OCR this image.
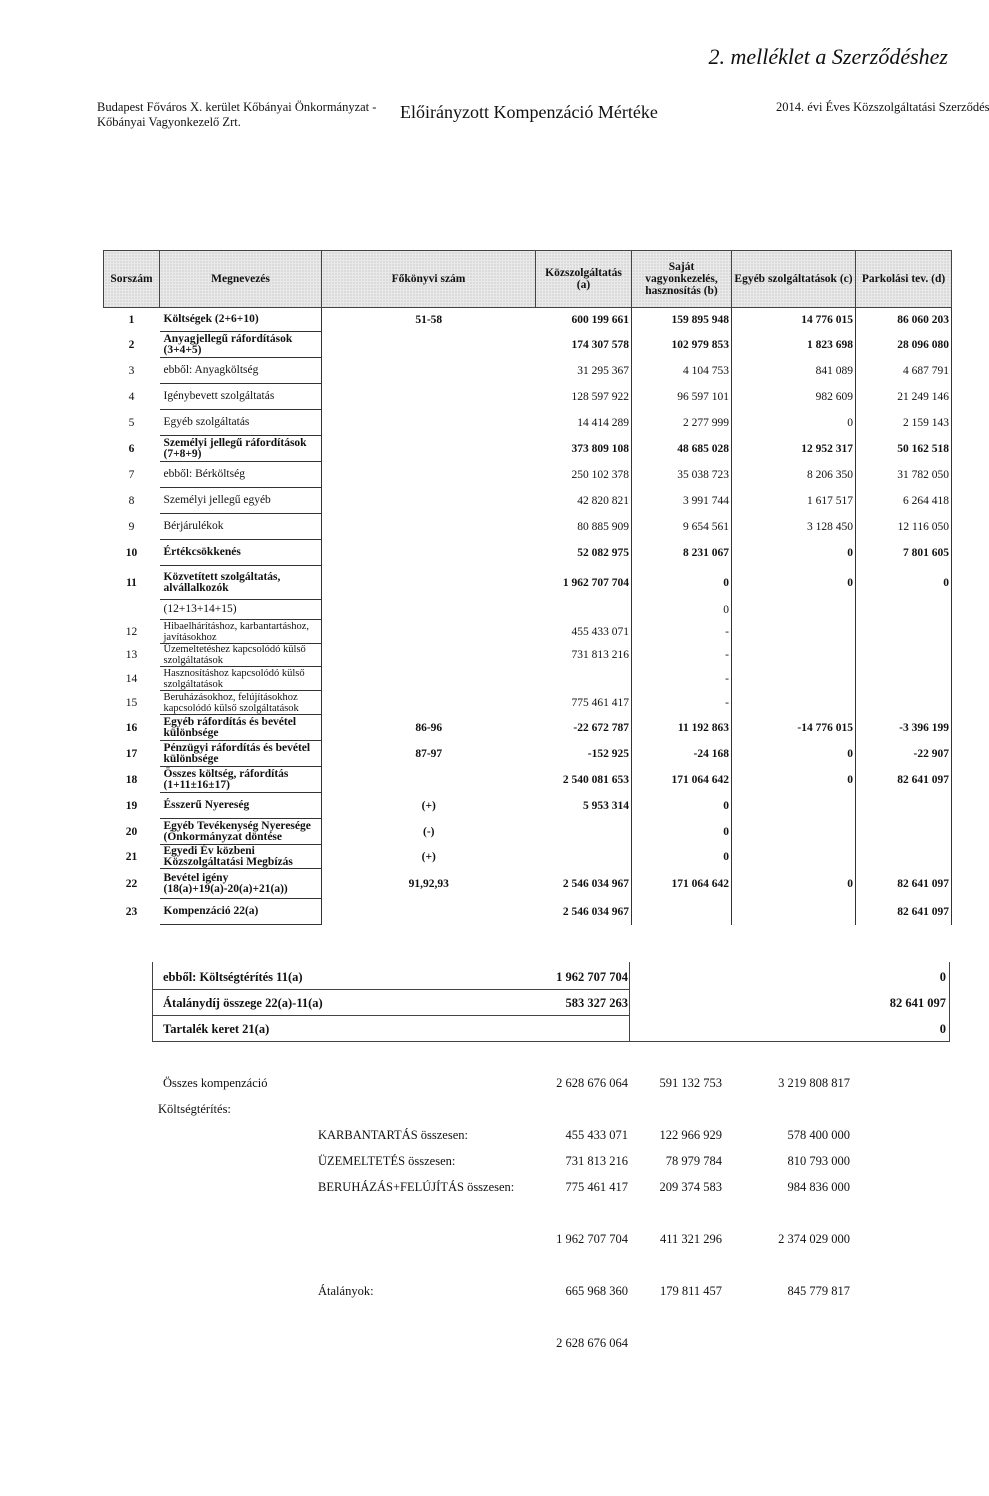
2. melléklet a Szerződéshez
Budapest Főváros X. kerület Kőbányai Önkormányzat -
Kőbányai Vagyonkezelő Zrt.	Előirányzott Kompenzáció Mértéke	2014. évi Éves Közszolgáltatási Szerződés
Sorszám	Megnevezés	Főkönyvi szám	Közszolgáltatás (a)	Saját vagyonkezelés, hasznosítás (b)	Egyéb szolgáltatások (c)	Parkolási tev. (d)
1	Költségek (2+6+10)	51-58	600 199 661	159 895 948	14 776 015	86 060 203
2	Anyagjellegű ráfordítások (3+4+5)		174 307 578	102 979 853	1 823 698	28 096 080
3	ebből: Anyagköltség		31 295 367	4 104 753	841 089	4 687 791
4	Igénybevett szolgáltatás		128 597 922	96 597 101	982 609	21 249 146
5	Egyéb szolgáltatás		14 414 289	2 277 999	0	2 159 143
6	Személyi jellegű ráfordítások (7+8+9)		373 809 108	48 685 028	12 952 317	50 162 518
7	ebből: Bérköltség		250 102 378	35 038 723	8 206 350	31 782 050
8	Személyi jellegű egyéb		42 820 821	3 991 744	1 617 517	6 264 418
9	Bérjárulékok		80 885 909	9 654 561	3 128 450	12 116 050
10	Értékcsökkenés		52 082 975	8 231 067	0	7 801 605
11	Közvetített szolgáltatás, alvállalkozók		1 962 707 704	0	0	0
	(12+13+14+15)			0		
12	Hibaelhárításhoz, karbantartáshoz, javításokhoz		455 433 071	-		
13	Üzemeltetéshez kapcsolódó külső szolgáltatások		731 813 216	-		
14	Hasznosításhoz kapcsolódó külső szolgáltatások			-		
15	Beruházásokhoz, felújításokhoz kapcsolódó külső szolgáltatások		775 461 417	-		
16	Egyéb ráfordítás és bevétel különbsége	86-96	-22 672 787	11 192 863	-14 776 015	-3 396 199
17	Pénzügyi ráfordítás és bevétel különbsége	87-97	-152 925	-24 168	0	-22 907
18	Összes költség, ráfordítás (1+11±16±17)		2 540 081 653	171 064 642	0	82 641 097
19	Ésszerű Nyereség	(+)	5 953 314	0		
20	Egyéb Tevékenység Nyeresége (Önkormányzat döntése	(-)		0		
21	Egyedi Év közbeni Közszolgáltatási Megbízás	(+)		0		
22	Bevétel igény (18(a)+19(a)-20(a)+21(a))	91,92,93	2 546 034 967	171 064 642	0	82 641 097
23	Kompenzáció 22(a)		2 546 034 967			82 641 097
ebből: Költségtérítés 11(a)	1 962 707 704	0
Átalánydíj összege 22(a)-11(a)	583 327 263	82 641 097
Tartalék keret 21(a)	0
Összes kompenzáció	2 628 676 064	591 132 753	3 219 808 817
Költségtérítés:
KARBANTARTÁS összesen:	455 433 071	122 966 929	578 400 000
ÜZEMELTETÉS összesen:	731 813 216	78 979 784	810 793 000
BERUHÁZÁS+FELÚJÍTÁS összesen:	775 461 417	209 374 583	984 836 000
1 962 707 704	411 321 296	2 374 029 000
Átalányok:	665 968 360	179 811 457	845 779 817
2 628 676 064
